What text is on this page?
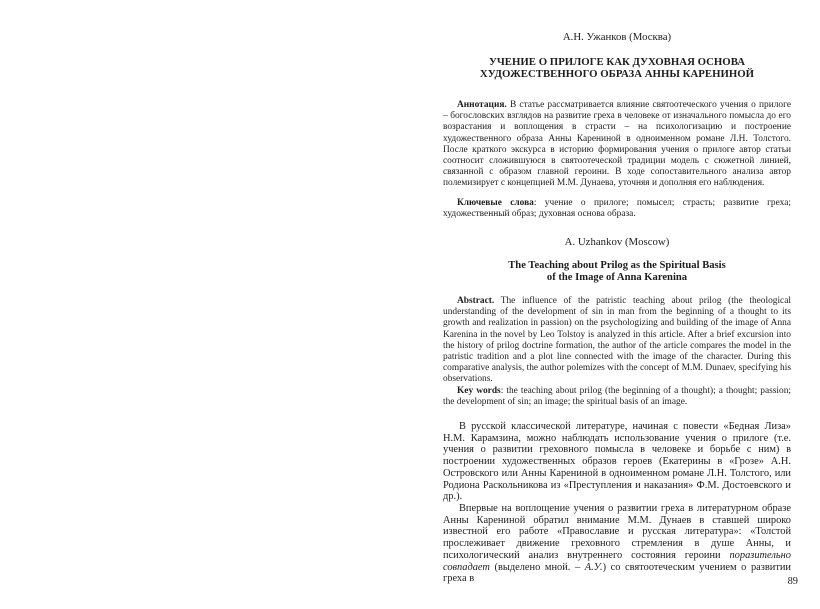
А.Н. Ужанков (Москва)
УЧЕНИЕ О ПРИЛОГЕ КАК ДУХОВНАЯ ОСНОВА
ХУДОЖЕСТВЕННОГО ОБРАЗА АННЫ КАРЕНИНОЙ

Аннотация. В статье рассматривается влияние святоотеческого учения о прилоге – богословских взглядов на развитие греха в человеке от изначального помысла до его возрастания и воплощения в страсти – на психологизацию и построение художественного образа Анны Карениной в одноименном романе Л.Н. Толстого. После краткого экскурса в историю формирования учения о прилоге автор статьи соотносит сложившуюся в святоотеческой традиции модель с сюжетной линией, связанной с образом главной героини. В ходе сопоставительного анализа автор полемизирует с концепцией М.М. Дунаева, уточняя и дополняя его наблюдения.

Ключевые слова: учение о прилоге; помысел; страсть; развитие греха; художественный образ; духовная основа образа.

A. Uzhankov (Moscow)
The Teaching about Prilog as the Spiritual Basis
of the Image of Anna Karenina

Abstract. The influence of the patristic teaching about prilog (the theological understanding of the development of sin in man from the beginning of a thought to its growth and realization in passion) on the psychologizing and building of the image of Anna Karenina in the novel by Leo Tolstoy is analyzed in this article. After a brief excursion into the history of prilog doctrine formation, the author of the article compares the model in the patristic tradition and a plot line connected with the image of the character. During this comparative analysis, the author polemizes with the concept of M.M. Dunaev, specifying his observations.

Key words: the teaching about prilog (the beginning of a thought); a thought; passion; the development of sin; an image; the spiritual basis of an image.

В русской классической литературе, начиная с повести «Бедная Лиза» Н.М. Карамзина, можно наблюдать использование учения о прилоге (т.е. учения о развитии греховного помысла в человеке и борьбе с ним) в построении художественных образов героев (Екатерины в «Грозе» А.Н. Островского или Анны Карениной в одноименном романе Л.Н. Толстого, или Родиона Раскольникова из «Преступления и наказания» Ф.М. Достоевского и др.).

Впервые на воплощение учения о развитии греха в литературном образе Анны Карениной обратил внимание М.М. Дунаев в ставшей широко известной его работе «Православие и русская литература»: «Толстой прослеживает движение греховного стремления в душе Анны, и психологический анализ внутреннего состояния героини поразительно совпадает (выделено мной. – А.У.) со святоотеческим учением о развитии греха в	89
